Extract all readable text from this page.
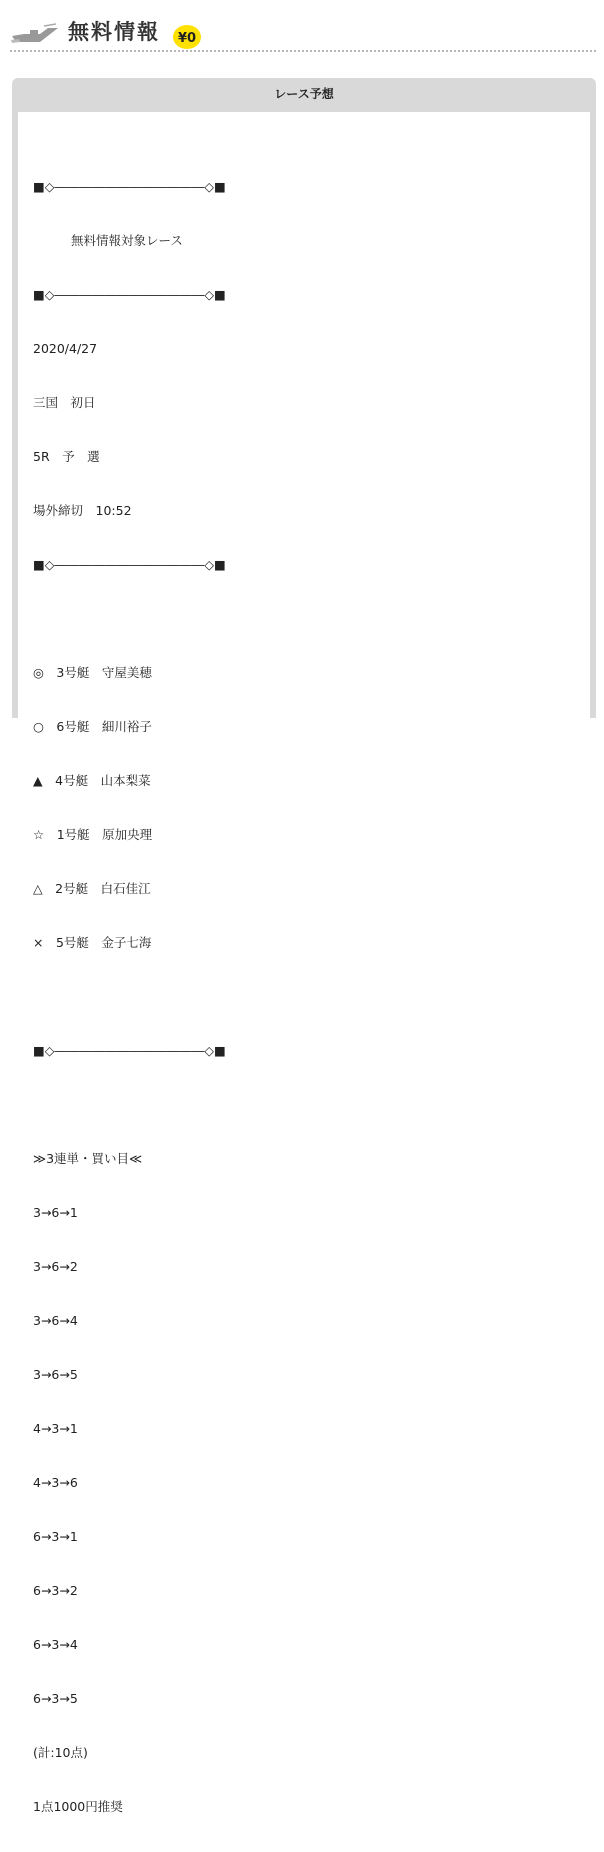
無料情報 ¥0
レース予想

■◇――――――――――――◇■

無料情報対象レース

■◇――――――――――――◇■

2020/4/27

三国　初日

5R　予　選

場外締切　10:52

■◇――――――――――――◇■

◎　3号艇　守屋美穂

○　6号艇　細川裕子

▲　4号艇　山本梨菜

☆　1号艇　原加央理

△　2号艇　白石佳江

×　5号艇　金子七海

■◇――――――――――――◇■

≫3連単・買い目≪

3→6→1

3→6→2

3→6→4

3→6→5

4→3→1

4→3→6

6→3→1

6→3→2

6→3→4

6→3→5

(計:10点)

1点1000円推奨
